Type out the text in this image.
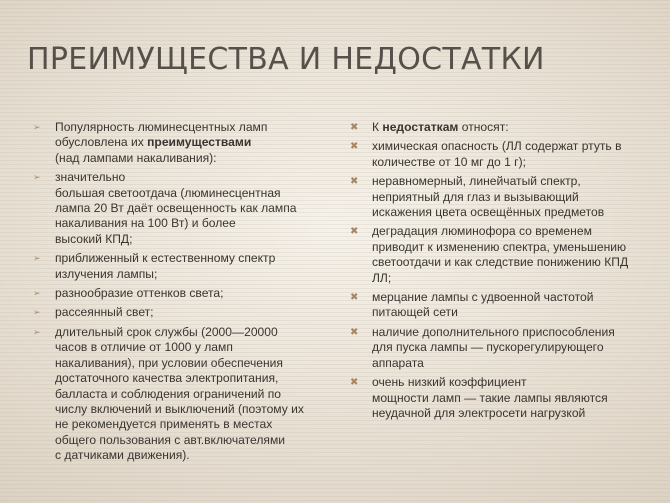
ПРЕИМУЩЕСТВА И НЕДОСТАТКИ
➢ Популярность люминесцентных ламп
обусловлена их преимуществами
(над лампами накаливания):
➢ значительно
большая светоотдача (люминесцентная
лампа 20 Вт даёт освещенность как лампа
накаливания на 100 Вт) и более
высокий КПД;
➢ приближенный к естественному спектр
излучения лампы;
➢ разнообразие оттенков света;
➢ рассеянный свет;
➢ длительный срок службы (2000—20000
часов в отличие от 1000 у ламп
накаливания), при условии обеспечения
достаточного качества электропитания,
балласта и соблюдения ограничений по
числу включений и выключений (поэтому их
не рекомендуется применять в местах
общего пользования с авт.включателями
с датчиками движения).
✖ К недостаткам относят:
✖ химическая опасность (ЛЛ содержат ртуть в
количестве от 10 мг до 1 г);
✖ неравномерный, линейчатый спектр,
неприятный для глаз и вызывающий
искажения цвета освещённых предметов
✖ деградация люминофора со временем
приводит к изменению спектра, уменьшению
светоотдачи и как следствие понижению КПД
ЛЛ;
✖ мерцание лампы с удвоенной частотой
питающей сети
✖ наличие дополнительного приспособления
для пуска лампы — пускорегулирующего
аппарата
✖ очень низкий коэффициент
мощности ламп — такие лампы являются
неудачной для электросети нагрузкой
